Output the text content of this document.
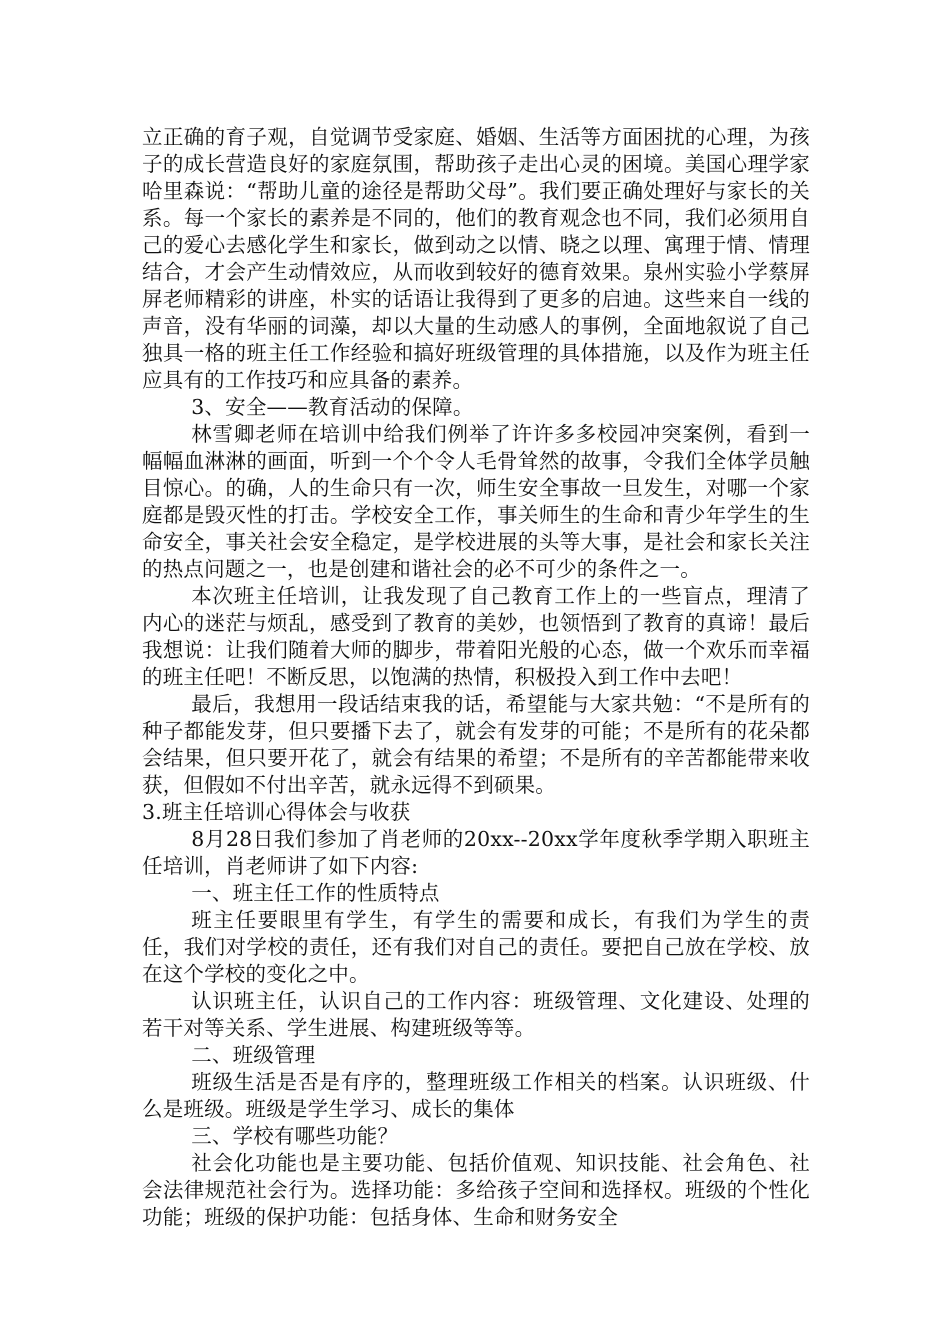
立正确的育子观，自觉调节受家庭、婚姻、生活等方面困扰的心理，为孩子的成长营造良好的家庭氛围，帮助孩子走出心灵的困境。美国心理学家哈里森说：“帮助儿童的途径是帮助父母”。我们要正确处理好与家长的关系。每一个家长的素养是不同的，他们的教育观念也不同，我们必须用自己的爱心去感化学生和家长，做到动之以情、晓之以理、寓理于情、情理结合，才会产生动情效应，从而收到较好的德育效果。泉州实验小学蔡屏屏老师精彩的讲座，朴实的话语让我得到了更多的启迪。这些来自一线的声音，没有华丽的词藻，却以大量的生动感人的事例，全面地叙说了自己独具一格的班主任工作经验和搞好班级管理的具体措施，以及作为班主任应具有的工作技巧和应具备的素养。

3、安全——教育活动的保障。

林雪卿老师在培训中给我们例举了许许多多校园冲突案例，看到一幅幅血淋淋的画面，听到一个个令人毛骨耸然的故事，令我们全体学员触目惊心。的确，人的生命只有一次，师生安全事故一旦发生，对哪一个家庭都是毁灭性的打击。学校安全工作，事关师生的生命和青少年学生的生命安全，事关社会安全稳定，是学校进展的头等大事，是社会和家长关注的热点问题之一，也是创建和谐社会的必不可少的条件之一。

本次班主任培训，让我发现了自己教育工作上的一些盲点，理清了内心的迷茫与烦乱，感受到了教育的美妙，也领悟到了教育的真谛！最后我想说：让我们随着大师的脚步，带着阳光般的心态，做一个欢乐而幸福的班主任吧！不断反思，以饱满的热情，积极投入到工作中去吧！

最后，我想用一段话结束我的话，希望能与大家共勉：“不是所有的种子都能发芽，但只要播下去了，就会有发芽的可能；不是所有的花朵都会结果，但只要开花了，就会有结果的希望；不是所有的辛苦都能带来收获，但假如不付出辛苦，就永远得不到硕果。

3.班主任培训心得体会与收获

8月28日我们参加了肖老师的20xx--20xx学年度秋季学期入职班主任培训，肖老师讲了如下内容:

一、班主任工作的性质特点

班主任要眼里有学生，有学生的需要和成长，有我们为学生的责任，我们对学校的责任，还有我们对自己的责任。要把自己放在学校、放在这个学校的变化之中。

认识班主任，认识自己的工作内容：班级管理、文化建设、处理的若干对等关系、学生进展、构建班级等等。

二、班级管理

班级生活是否是有序的，整理班级工作相关的档案。认识班级、什么是班级。班级是学生学习、成长的集体

三、学校有哪些功能？

社会化功能也是主要功能、包括价值观、知识技能、社会角色、社会法律规范社会行为。选择功能：多给孩子空间和选择权。班级的个性化功能；班级的保护功能：包括身体、生命和财务安全
